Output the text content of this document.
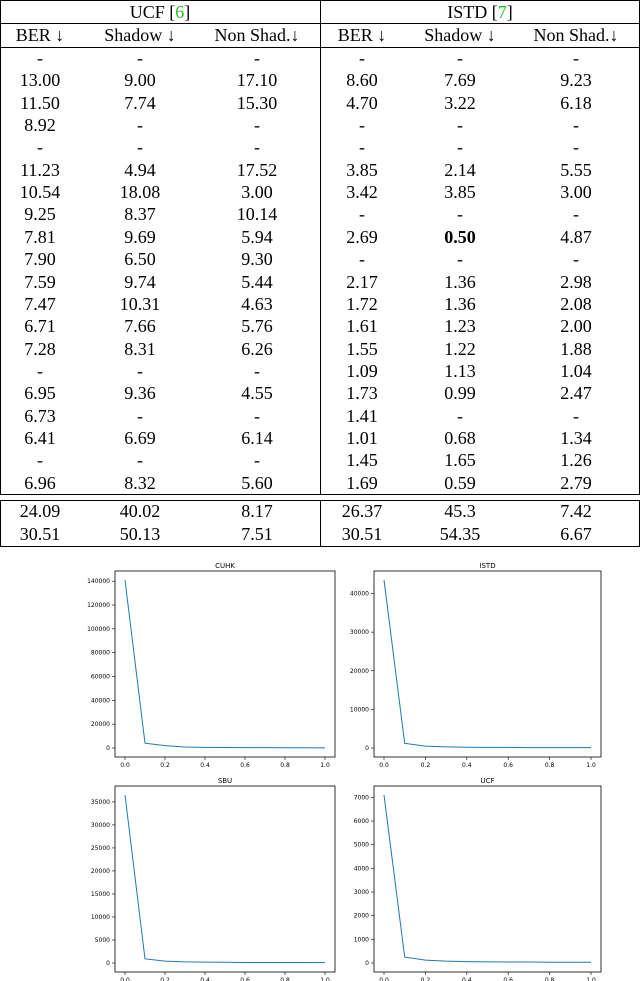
UCF [6]	ISTD [7]
BER ↓	Shadow ↓	Non Shad.↓	BER ↓	Shadow ↓	Non Shad.↓
-	-	-	-	-	-
13.00	9.00	17.10	8.60	7.69	9.23
11.50	7.74	15.30	4.70	3.22	6.18
8.92	-	-	-	-	-
-	-	-	-	-	-
11.23	4.94	17.52	3.85	2.14	5.55
10.54	18.08	3.00	3.42	3.85	3.00
9.25	8.37	10.14	-	-	-
7.81	9.69	5.94	2.69	0.50	4.87
7.90	6.50	9.30	-	-	-
7.59	9.74	5.44	2.17	1.36	2.98
7.47	10.31	4.63	1.72	1.36	2.08
6.71	7.66	5.76	1.61	1.23	2.00
7.28	8.31	6.26	1.55	1.22	1.88
-	-	-	1.09	1.13	1.04
6.95	9.36	4.55	1.73	0.99	2.47
6.73	-	-	1.41	-	-
6.41	6.69	6.14	1.01	0.68	1.34
-	-	-	1.45	1.65	1.26
6.96	8.32	5.60	1.69	0.59	2.79
24.09	40.02	8.17	26.37	45.3	7.42
30.51	50.13	7.51	30.51	54.35	6.67
CUHK
0.0	0.2	0.4	0.6	0.8	1.0
0
20000
40000
60000
80000
100000
120000
140000
ISTD
0.0	0.2	0.4	0.6	0.8	1.0
0
10000
20000
30000
40000
SBU
0.0	0.2	0.4	0.6	0.8	1.0
0
5000
10000
15000
20000
25000
30000
35000
UCF
0.0	0.2	0.4	0.6	0.8	1.0
0
1000
2000
3000
4000
5000
6000
7000
